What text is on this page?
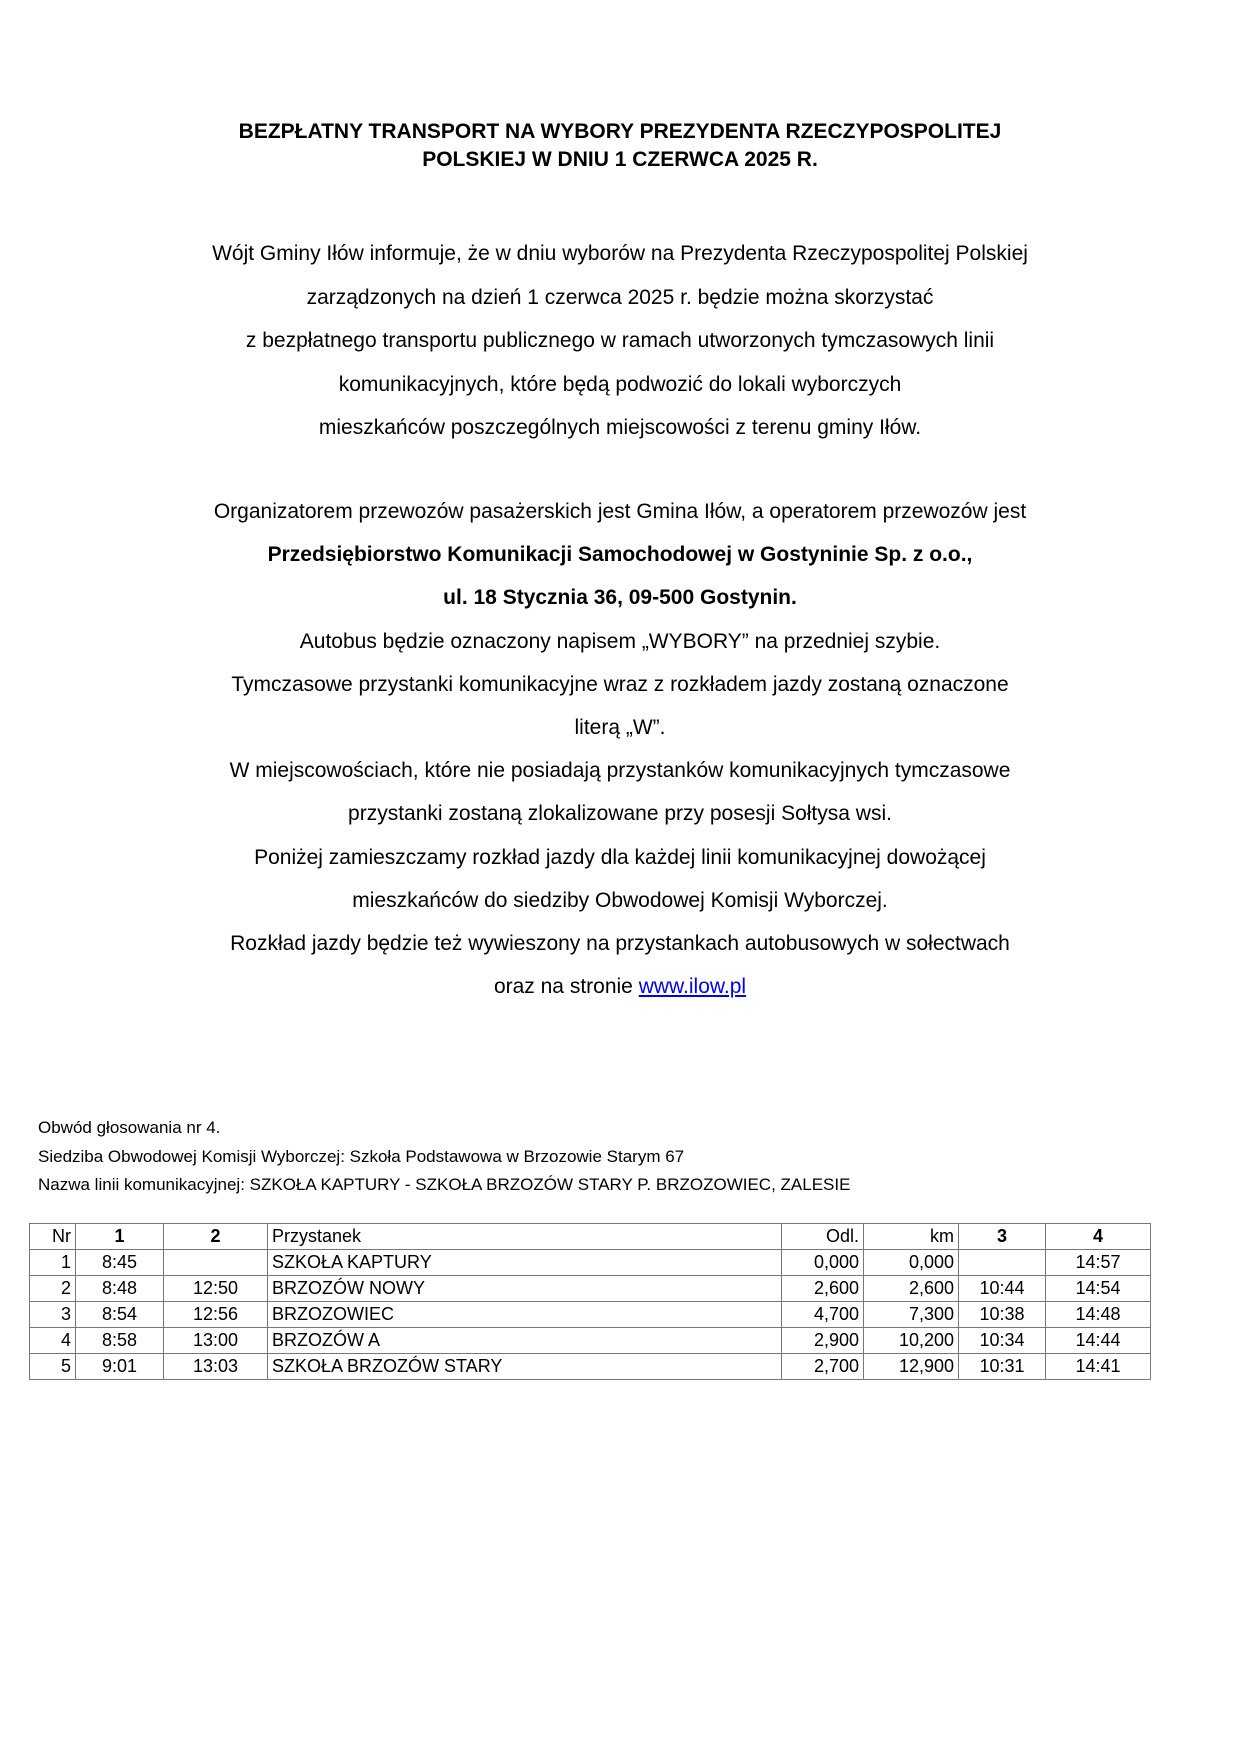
BEZPŁATNY TRANSPORT NA WYBORY PREZYDENTA RZECZYPOSPOLITEJ
POLSKIEJ W DNIU 1 CZERWCA 2025 R.
Wójt Gminy Iłów informuje, że w dniu wyborów na Prezydenta Rzeczypospolitej Polskiej
zarządzonych na dzień 1 czerwca 2025 r. będzie można skorzystać
z bezpłatnego transportu publicznego w ramach utworzonych tymczasowych linii
komunikacyjnych, które będą podwozić do lokali wyborczych
mieszkańców poszczególnych miejscowości z terenu gminy Iłów.
Organizatorem przewozów pasażerskich jest Gmina Iłów, a operatorem przewozów jest
Przedsiębiorstwo Komunikacji Samochodowej w Gostyninie Sp. z o.o.,
ul. 18 Stycznia 36, 09-500 Gostynin.
Autobus będzie oznaczony napisem „WYBORY” na przedniej szybie.
Tymczasowe przystanki komunikacyjne wraz z rozkładem jazdy zostaną oznaczone
literą „W”.
W miejscowościach, które nie posiadają przystanków komunikacyjnych tymczasowe
przystanki zostaną zlokalizowane przy posesji Sołtysa wsi.
Poniżej zamieszczamy rozkład jazdy dla każdej linii komunikacyjnej dowożącej
mieszkańców do siedziby Obwodowej Komisji Wyborczej.
Rozkład jazdy będzie też wywieszony na przystankach autobusowych w sołectwach
oraz na stronie www.ilow.pl
Obwód głosowania nr 4.
Siedziba Obwodowej Komisji Wyborczej: Szkoła Podstawowa w Brzozowie Starym 67
Nazwa linii komunikacyjnej: SZKOŁA KAPTURY - SZKOŁA BRZOZÓW STARY P. BRZOZOWIEC, ZALESIE
Nr	1	2	Przystanek	Odl.	km	3	4
1	8:45		SZKOŁA KAPTURY	0,000	0,000		14:57
2	8:48	12:50	BRZOZÓW NOWY	2,600	2,600	10:44	14:54
3	8:54	12:56	BRZOZOWIEC	4,700	7,300	10:38	14:48
4	8:58	13:00	BRZOZÓW A	2,900	10,200	10:34	14:44
5	9:01	13:03	SZKOŁA BRZOZÓW STARY	2,700	12,900	10:31	14:41
